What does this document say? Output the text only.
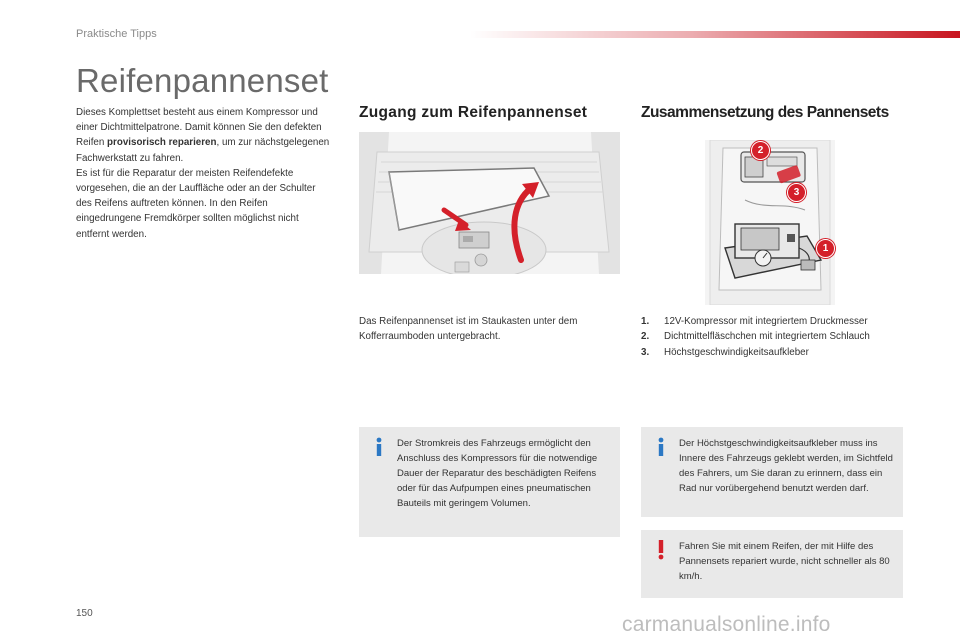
Praktische Tipps
Reifenpannenset

Dieses Komplettset besteht aus einem Kompressor und einer Dichtmittelpatrone. Damit können Sie den defekten Reifen provisorisch reparieren, um zur nächstgelegenen Fachwerkstatt zu fahren.

Es ist für die Reparatur der meisten Reifendefekte vorgesehen, die an der Lauffläche oder an der Schulter des Reifens auftreten können. In den Reifen eingedrungene Fremdkörper sollten möglichst nicht entfernt werden.

Zugang zum Reifenpannenset	Zusammensetzung des Pannensets
1
2
3
Das Reifenpannenset ist im Staukasten unter dem Kofferraumboden untergebracht.
1.	12V-Kompressor mit integriertem Druckmesser
2.	Dichtmittelfläschchen mit integriertem Schlauch
3.	Höchstgeschwindigkeitsaufkleber
Der Stromkreis des Fahrzeugs ermöglicht den Anschluss des Kompressors für die notwendige Dauer der Reparatur des beschädigten Reifens oder für das Aufpumpen eines pneumatischen Bauteils mit geringem Volumen.
Der Höchstgeschwindigkeitsaufkleber muss ins Innere des Fahrzeugs geklebt werden, im Sichtfeld des Fahrers, um Sie daran zu erinnern, dass ein Rad nur vorübergehend benutzt werden darf.
Fahren Sie mit einem Reifen, der mit Hilfe des Pannensets repariert wurde, nicht schneller als 80 km/h.
150	carmanualsonline.info
